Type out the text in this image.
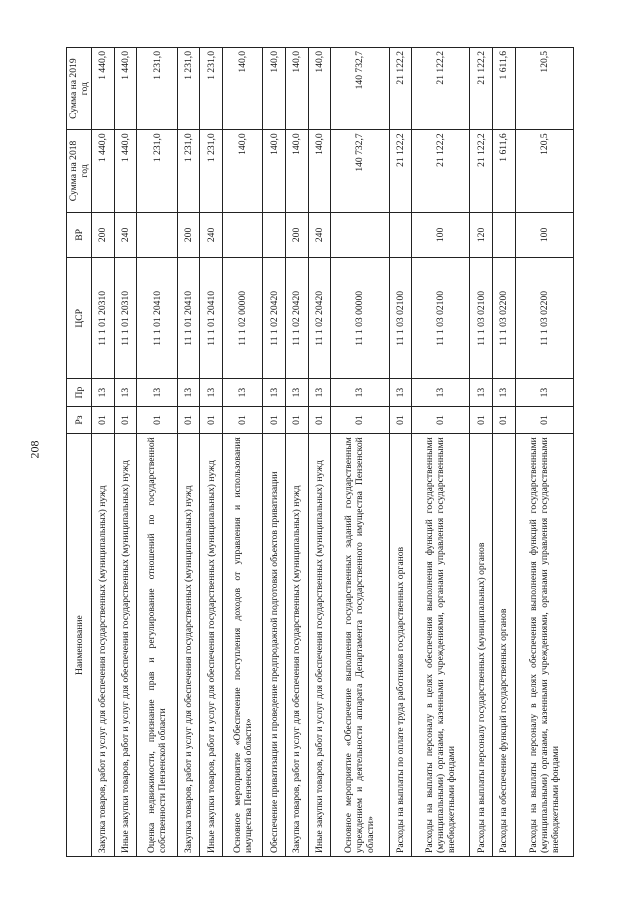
208
Наименование	Рз	Пр	ЦСР	ВР	Сумма на 2018 год	Сумма на 2019 год
Закупка товаров, работ и услуг для обеспечения государственных (муниципальных) нужд	01	13	11 1 01 20310	200	1 440,0	1 440,0
Иные закупки товаров, работ и услуг для обеспечения государственных (муниципальных) нужд	01	13	11 1 01 20310	240	1 440,0	1 440,0
Оценка недвижимости, признание прав и регулирование отношений по государственной собственности Пензенской области	01	13	11 1 01 20410		1 231,0	1 231,0
Закупка товаров, работ и услуг для обеспечения государственных (муниципальных) нужд	01	13	11 1 01 20410	200	1 231,0	1 231,0
Иные закупки товаров, работ и услуг для обеспечения государственных (муниципальных) нужд	01	13	11 1 01 20410	240	1 231,0	1 231,0
Основное мероприятие «Обеспечение поступления доходов от управления и использования имущества Пензенской области»	01	13	11 1 02 00000		140,0	140,0
Обеспечение приватизации и проведение предпродажной подготовки объектов приватизации	01	13	11 1 02 20420		140,0	140,0
Закупка товаров, работ и услуг для обеспечения государственных (муниципальных) нужд	01	13	11 1 02 20420	200	140,0	140,0
Иные закупки товаров, работ и услуг для обеспечения государственных (муниципальных) нужд	01	13	11 1 02 20420	240	140,0	140,0
Основное мероприятие «Обеспечение выполнения государственных заданий государственным учреждением и деятельности аппарата Департамента государственного имущества Пензенской области»	01	13	11 1 03 00000		140 732,7	140 732,7
Расходы на выплаты по оплате труда работников государственных органов	01	13	11 1 03 02100		21 122,2	21 122,2
Расходы на выплаты персоналу в целях обеспечения выполнения функций государственными (муниципальными) органами, казенными учреждениями, органами управления государственными внебюджетными фондами	01	13	11 1 03 02100	100	21 122,2	21 122,2
Расходы на выплаты персоналу государственных (муниципальных) органов	01	13	11 1 03 02100	120	21 122,2	21 122,2
Расходы на обеспечение функций государственных органов	01	13	11 1 03 02200		1 611,6	1 611,6
Расходы на выплаты персоналу в целях обеспечения выполнения функций государственными (муниципальными) органами, казенными учреждениями, органами управления государственными внебюджетными фондами	01	13	11 1 03 02200	100	120,5	120,5
